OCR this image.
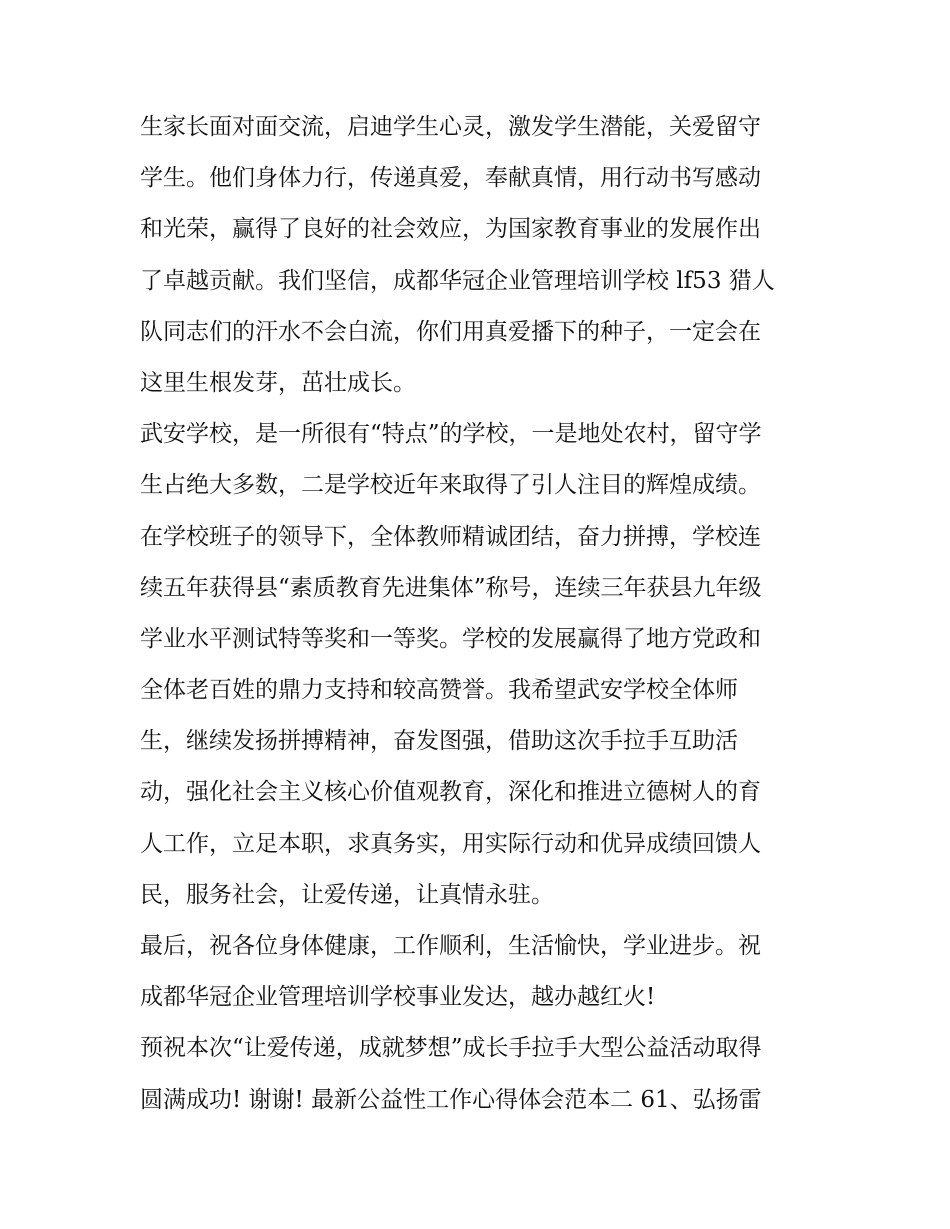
生家长面对面交流，启迪学生心灵，激发学生潜能，关爱留守
学生。他们身体力行，传递真爱，奉献真情，用行动书写感动
和光荣，赢得了良好的社会效应，为国家教育事业的发展作出
了卓越贡献。我们坚信，成都华冠企业管理培训学校 lf53 猎人
队同志们的汗水不会白流，你们用真爱播下的种子，一定会在
这里生根发芽，茁壮成长。
武安学校，是一所很有“特点”的学校，一是地处农村，留守学
生占绝大多数，二是学校近年来取得了引人注目的辉煌成绩。
在学校班子的领导下，全体教师精诚团结，奋力拼搏，学校连
续五年获得县“素质教育先进集体”称号，连续三年获县九年级
学业水平测试特等奖和一等奖。学校的发展赢得了地方党政和
全体老百姓的鼎力支持和较高赞誉。我希望武安学校全体师
生，继续发扬拼搏精神，奋发图强，借助这次手拉手互助活
动，强化社会主义核心价值观教育，深化和推进立德树人的育
人工作，立足本职，求真务实，用实际行动和优异成绩回馈人
民，服务社会，让爱传递，让真情永驻。
最后，祝各位身体健康，工作顺利，生活愉快，学业进步。祝
成都华冠企业管理培训学校事业发达，越办越红火!
预祝本次“让爱传递，成就梦想”成长手拉手大型公益活动取得
圆满成功! 谢谢! 最新公益性工作心得体会范本二 61、弘扬雷
